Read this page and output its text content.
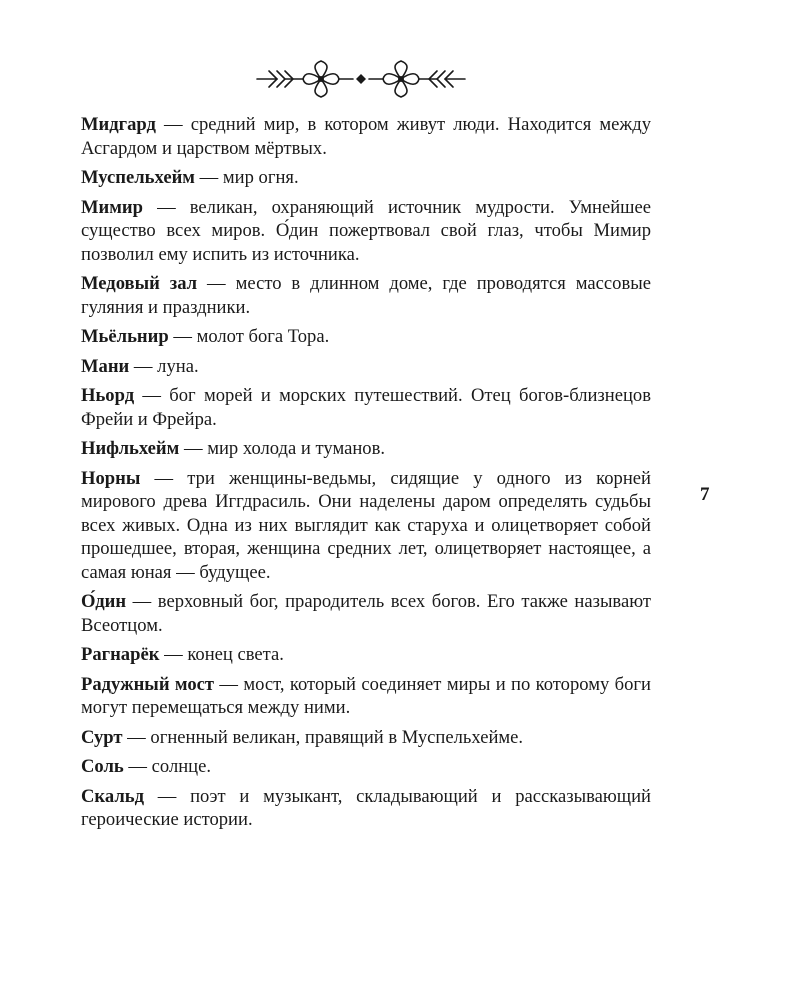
Мидгард — средний мир, в котором живут люди. Находится между Асгардом и царством мёртвых.
Муспельхейм — мир огня.
Мимир — великан, охраняющий источник мудрости. Умнейшее существо всех миров. О́дин пожертвовал свой глаз, чтобы Мимир позволил ему испить из источника.
Медовый зал — место в длинном доме, где проводятся массовые гуляния и праздники.
Мьёльнир — молот бога Тора.
Мани — луна.
Ньорд — бог морей и морских путешествий. Отец богов-близнецов Фрейи и Фрейра.
Нифльхейм — мир холода и туманов.
Норны — три женщины-ведьмы, сидящие у одного из корней мирового древа Иггдрасиль. Они наделены даром определять судьбы всех живых. Одна из них выглядит как старуха и олицетворяет собой прошедшее, вторая, женщина средних лет, олицетворяет настоящее, а самая юная — будущее.
О́дин — верховный бог, прародитель всех богов. Его также называют Всеотцом.
Рагнарёк — конец света.
Радужный мост — мост, который соединяет миры и по которому боги могут перемещаться между ними.
Сурт — огненный великан, правящий в Муспельхейме.
Соль — солнце.
Скальд — поэт и музыкант, складывающий и рассказывающий героические истории.
7
